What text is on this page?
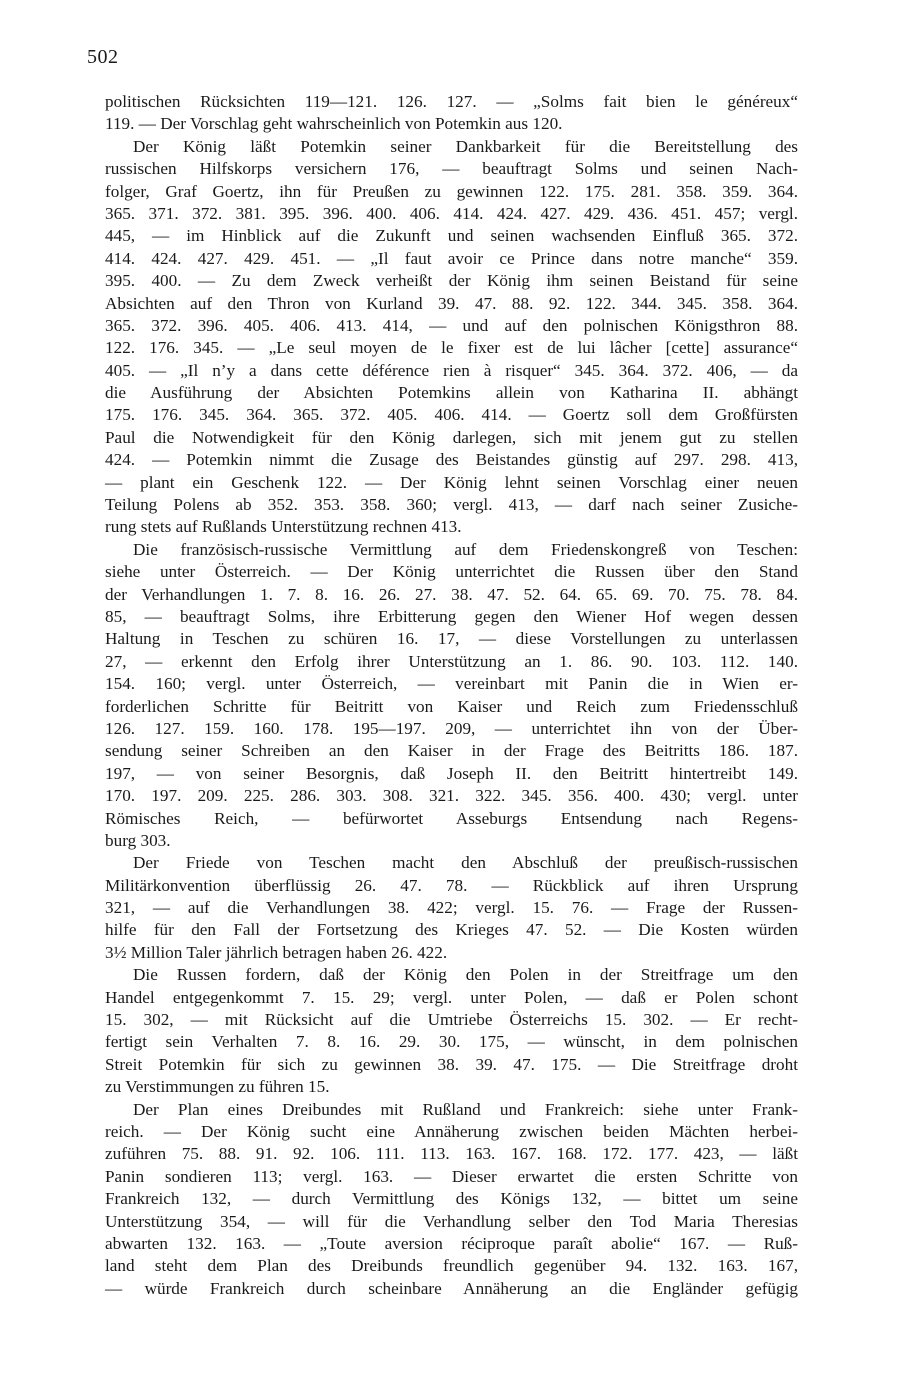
502
politischen Rücksichten 119—121. 126. 127. — „Solms fait bien le généreux“
119. — Der Vorschlag geht wahrscheinlich von Potemkin aus 120.
Der König läßt Potemkin seiner Dankbarkeit für die Bereitstellung des
russischen Hilfskorps versichern 176, — beauftragt Solms und seinen Nach-
folger, Graf Goertz, ihn für Preußen zu gewinnen 122. 175. 281. 358. 359. 364.
365. 371. 372. 381. 395. 396. 400. 406. 414. 424. 427. 429. 436. 451. 457; vergl.
445, — im Hinblick auf die Zukunft und seinen wachsenden Einfluß 365. 372.
414. 424. 427. 429. 451. — „Il faut avoir ce Prince dans notre manche“ 359.
395. 400. — Zu dem Zweck verheißt der König ihm seinen Beistand für seine
Absichten auf den Thron von Kurland 39. 47. 88. 92. 122. 344. 345. 358. 364.
365. 372. 396. 405. 406. 413. 414, — und auf den polnischen Königsthron 88.
122. 176. 345. — „Le seul moyen de le fixer est de lui lâcher [cette] assurance“
405. — „Il n’y a dans cette déférence rien à risquer“ 345. 364. 372. 406, — da
die Ausführung der Absichten Potemkins allein von Katharina II. abhängt
175. 176. 345. 364. 365. 372. 405. 406. 414. — Goertz soll dem Großfürsten
Paul die Notwendigkeit für den König darlegen, sich mit jenem gut zu stellen
424. — Potemkin nimmt die Zusage des Beistandes günstig auf 297. 298. 413,
— plant ein Geschenk 122. — Der König lehnt seinen Vorschlag einer neuen
Teilung Polens ab 352. 353. 358. 360; vergl. 413, — darf nach seiner Zusiche-
rung stets auf Rußlands Unterstützung rechnen 413.
Die französisch-russische Vermittlung auf dem Friedenskongreß von Teschen:
siehe unter Österreich. — Der König unterrichtet die Russen über den Stand
der Verhandlungen 1. 7. 8. 16. 26. 27. 38. 47. 52. 64. 65. 69. 70. 75. 78. 84.
85, — beauftragt Solms, ihre Erbitterung gegen den Wiener Hof wegen dessen
Haltung in Teschen zu schüren 16. 17, — diese Vorstellungen zu unterlassen
27, — erkennt den Erfolg ihrer Unterstützung an 1. 86. 90. 103. 112. 140.
154. 160; vergl. unter Österreich, — vereinbart mit Panin die in Wien er-
forderlichen Schritte für Beitritt von Kaiser und Reich zum Friedensschluß
126. 127. 159. 160. 178. 195—197. 209, — unterrichtet ihn von der Über-
sendung seiner Schreiben an den Kaiser in der Frage des Beitritts 186. 187.
197, — von seiner Besorgnis, daß Joseph II. den Beitritt hintertreibt 149.
170. 197. 209. 225. 286. 303. 308. 321. 322. 345. 356. 400. 430; vergl. unter
Römisches Reich, — befürwortet Asseburgs Entsendung nach Regens-
burg 303.
Der Friede von Teschen macht den Abschluß der preußisch-russischen
Militärkonvention überflüssig 26. 47. 78. — Rückblick auf ihren Ursprung
321, — auf die Verhandlungen 38. 422; vergl. 15. 76. — Frage der Russen-
hilfe für den Fall der Fortsetzung des Krieges 47. 52. — Die Kosten würden
3½ Million Taler jährlich betragen haben 26. 422.
Die Russen fordern, daß der König den Polen in der Streitfrage um den
Handel entgegenkommt 7. 15. 29; vergl. unter Polen, — daß er Polen schont
15. 302, — mit Rücksicht auf die Umtriebe Österreichs 15. 302. — Er recht-
fertigt sein Verhalten 7. 8. 16. 29. 30. 175, — wünscht, in dem polnischen
Streit Potemkin für sich zu gewinnen 38. 39. 47. 175. — Die Streitfrage droht
zu Verstimmungen zu führen 15.
Der Plan eines Dreibundes mit Rußland und Frankreich: siehe unter Frank-
reich. — Der König sucht eine Annäherung zwischen beiden Mächten herbei-
zuführen 75. 88. 91. 92. 106. 111. 113. 163. 167. 168. 172. 177. 423, — läßt
Panin sondieren 113; vergl. 163. — Dieser erwartet die ersten Schritte von
Frankreich 132, — durch Vermittlung des Königs 132, — bittet um seine
Unterstützung 354, — will für die Verhandlung selber den Tod Maria Theresias
abwarten 132. 163. — „Toute aversion réciproque paraît abolie“ 167. — Ruß-
land steht dem Plan des Dreibunds freundlich gegenüber 94. 132. 163. 167,
— würde Frankreich durch scheinbare Annäherung an die Engländer gefügig
